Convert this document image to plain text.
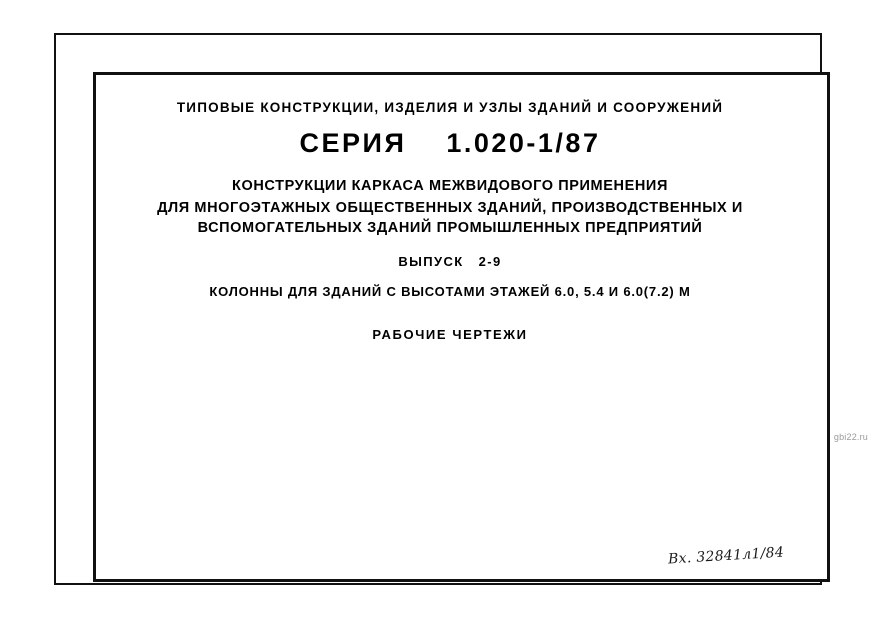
ТИПОВЫЕ КОНСТРУКЦИИ, ИЗДЕЛИЯ И УЗЛЫ ЗДАНИЙ И СООРУЖЕНИЙ
СЕРИЯ    1.020-1/87
КОНСТРУКЦИИ КАРКАСА МЕЖВИДОВОГО ПРИМЕНЕНИЯ
ДЛЯ МНОГОЭТАЖНЫХ ОБЩЕСТВЕННЫХ ЗДАНИЙ, ПРОИЗВОДСТВЕННЫХ И
ВСПОМОГАТЕЛЬНЫХ ЗДАНИЙ ПРОМЫШЛЕННЫХ ПРЕДПРИЯТИЙ
ВЫПУСК   2-9
КОЛОННЫ ДЛЯ ЗДАНИЙ С ВЫСОТАМИ ЭТАЖЕЙ 6.0, 5.4 И 6.0(7.2) М
РАБОЧИЕ ЧЕРТЕЖИ
gbi22.ru
Вх. 32841л1/84
